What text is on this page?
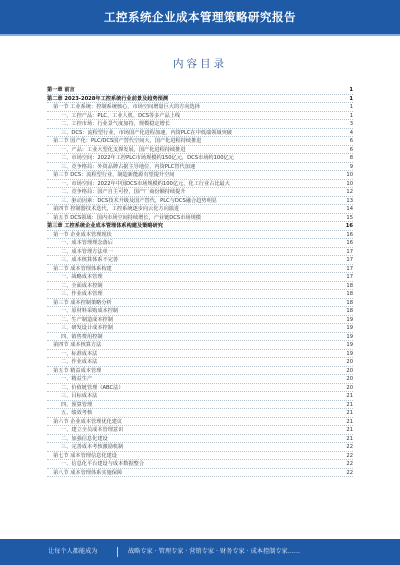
工控系统企业成本管理策略研究报告
内容目录
第一章 前言	1
第二章 2023-2028年工控系统行业前景及趋势预测	1
第一节 工业系统：控制系统核心，市场空间增量巨大的方向选择	1
一、工控产品：PLC、工业人机、DCS等多产品上线	1
二、工控市场：行业景气度加持，规模稳定增长	3
三、DCS：流程型行业，市场国产化进程加速，内资PLC在中低端领域突破	4
第二节 国产化：PLC/DCS国产替代空间大，国产化进程持续推进	6
一、产品：工业大型化支撑发展，国产化进程持续推进	6
二、市场空间：2022年工控PLC市场规模约150亿元，DCS市场约100亿元	8
三、竞争格局：外资品牌占据主导地位，内资PLC替代加速	9
第三节 DCS：流程型行业，制造新能源有望提升空间	10
一、市场空间：2022年中国DCS市场规模约100亿元，化工行业占比最大	10
二、竞争格局：国产自主可控，国产厂商份额持续提升	12
三、驱动因素：DCS技术升级及国产替代，PLC与DCS融合趋势明显	13
第四节 控制器技术迭代，工控系统逐步向云化方向演进	14
第五节 DCS领域：国内市场空间持续增长，产业链DCS市场规模	15
第三章 工控系统企业成本管理体系构建及策略研究	16
第一节 企业成本管理现状	16
一、成本管理理念落后	16
二、成本管理方法单一	17
三、成本核算体系不完善	17
第二节 成本管理体系构建	17
一、战略成本管理	17
二、全面成本控制	18
三、作业成本管理	18
第三节 成本控制策略分析	18
一、原材料采购成本控制	18
二、生产制造成本控制	19
三、研发设计成本控制	19
四、销售费用控制	19
第四节 成本核算方法	19
一、标准成本法	19
二、作业成本法	20
第五节 精益成本管理	20
一、精益生产	20
二、价值链管理（ABC法）	20
三、目标成本法	21
四、预算管理	21
五、绩效考核	21
第六节 企业成本管理优化建议	21
一、建立全员成本管理意识	21
二、加强信息化建设	21
三、完善成本考核激励机制	22
第七节 成本管理信息化建设	22
一、信息化平台建设与成本数据整合	22
第八节 成本管理体系实施保障	22
让每个人都能成为	战略专家 · 管理专家 · 营销专家 · 财务专家 · 成本控制专家……
